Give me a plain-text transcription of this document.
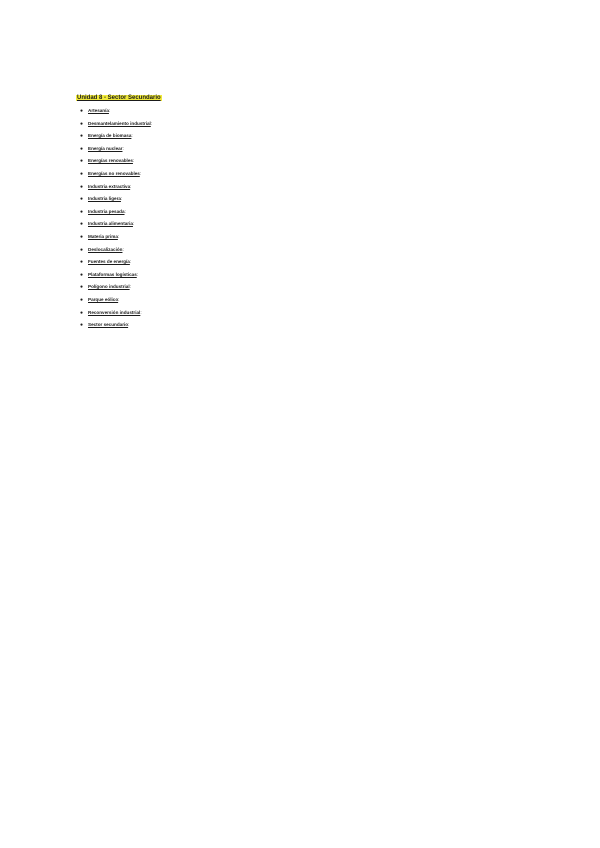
Unidad 8 - Sector Secundario
● Artesanía:
● Desmantelamiento industrial:
● Energía de biomasa:
● Energía nuclear:
● Energías renovables:
● Energías no renovables:
● Industria extractiva:
● Industria ligera:
● Industria pesada:
● Industria alimentaria:
● Materia prima:
● Deslocalización:
● Fuentes de energía:
● Plataformas logísticas:
● Polígono industrial:
● Parque eólico:
● Reconversión industrial:
● Sector secundario:
